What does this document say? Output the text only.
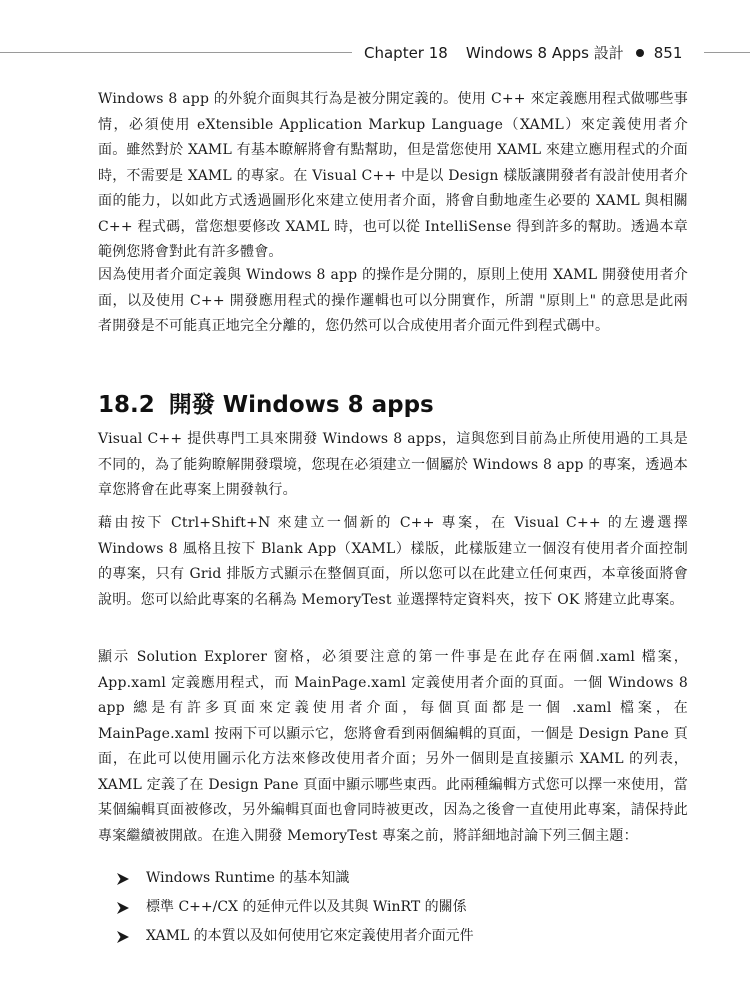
Chapter 18 Windows 8 Apps 設計 851

Windows 8 app 的外貌介面與其行為是被分開定義的。使用 C++ 來定義應用程式做哪些事情，必須使用 eXtensible Application Markup Language（XAML）來定義使用者介面。雖然對於 XAML 有基本瞭解將會有點幫助，但是當您使用 XAML 來建立應用程式的介面時，不需要是 XAML 的專家。在 Visual C++ 中是以 Design 樣版讓開發者有設計使用者介面的能力，以如此方式透過圖形化來建立使用者介面，將會自動地產生必要的 XAML 與相關 C++ 程式碼，當您想要修改 XAML 時，也可以從 IntelliSense 得到許多的幫助。透過本章範例您將會對此有許多體會。

因為使用者介面定義與 Windows 8 app 的操作是分開的，原則上使用 XAML 開發使用者介面，以及使用 C++ 開發應用程式的操作邏輯也可以分開實作，所謂 "原則上" 的意思是此兩者開發是不可能真正地完全分離的，您仍然可以合成使用者介面元件到程式碼中。

18.2 開發 Windows 8 apps

Visual C++ 提供專門工具來開發 Windows 8 apps，這與您到目前為止所使用過的工具是不同的，為了能夠瞭解開發環境，您現在必須建立一個屬於 Windows 8 app 的專案，透過本章您將會在此專案上開發執行。

藉由按下 Ctrl+Shift+N 來建立一個新的 C++ 專案，在 Visual C++ 的左邊選擇 Windows 8 風格且按下 Blank App（XAML）樣版，此樣版建立一個沒有使用者介面控制的專案，只有 Grid 排版方式顯示在整個頁面，所以您可以在此建立任何東西，本章後面將會說明。您可以給此專案的名稱為 MemoryTest 並選擇特定資料夾，按下 OK 將建立此專案。

顯示 Solution Explorer 窗格，必須要注意的第一件事是在此存在兩個.xaml 檔案，App.xaml 定義應用程式，而 MainPage.xaml 定義使用者介面的頁面。一個 Windows 8 app 總是有許多頁面來定義使用者介面，每個頁面都是一個 .xaml 檔案，在 MainPage.xaml 按兩下可以顯示它，您將會看到兩個編輯的頁面，一個是 Design Pane 頁面，在此可以使用圖示化方法來修改使用者介面；另外一個則是直接顯示 XAML 的列表，XAML 定義了在 Design Pane 頁面中顯示哪些東西。此兩種編輯方式您可以擇一來使用，當某個編輯頁面被修改，另外編輯頁面也會同時被更改，因為之後會一直使用此專案，請保持此專案繼續被開啟。在進入開發 MemoryTest 專案之前，將詳細地討論下列三個主題：

Windows Runtime 的基本知識
標準 C++/CX 的延伸元件以及其與 WinRT 的關係
XAML 的本質以及如何使用它來定義使用者介面元件
